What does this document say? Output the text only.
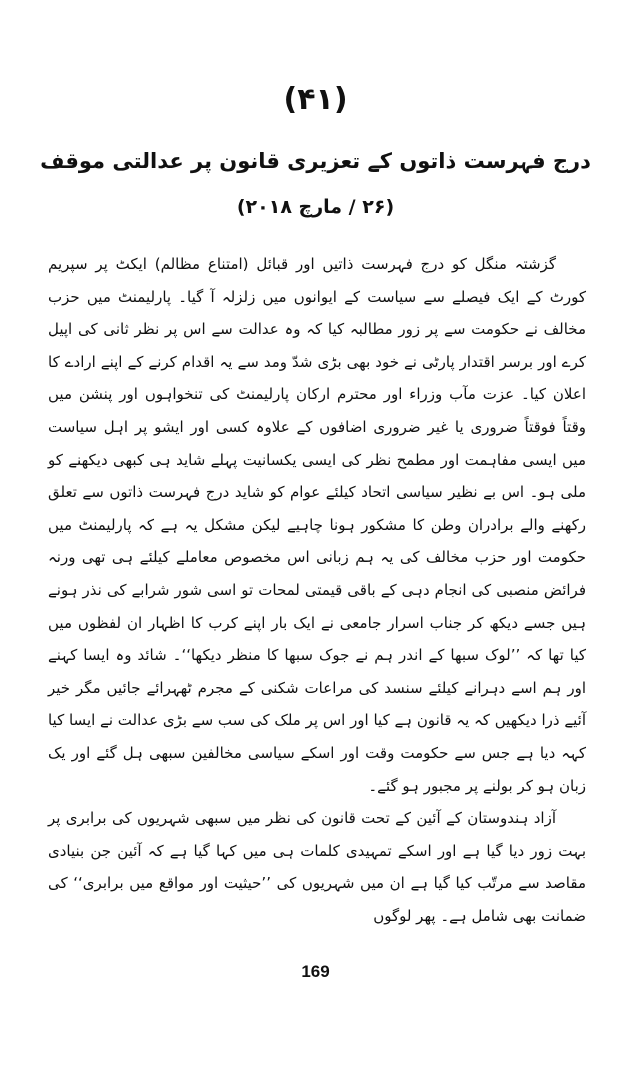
(۴۱)
درج فہرست ذاتوں کے تعزیری قانون پر عدالتی موقف
(۲۶ / مارچ ۲۰۱۸)

گزشتہ منگل کو درج فہرست ذاتیں اور قبائل (امتناع مظالم) ایکٹ پر سپریم کورٹ کے ایک فیصلے سے سیاست کے ایوانوں میں زلزلہ آ گیا۔ پارلیمنٹ میں حزب مخالف نے حکومت سے پر زور مطالبہ کیا کہ وہ عدالت سے اس پر نظر ثانی کی اپیل کرے اور برسر اقتدار پارٹی نے خود بھی بڑی شدّ ومد سے یہ اقدام کرنے کے اپنے ارادے کا اعلان کیا۔ عزت مآب وزراء اور محترم ارکان پارلیمنٹ کی تنخواہوں اور پنشن میں وقتاً فوقتاً ضروری یا غیر ضروری اضافوں کے علاوہ کسی اور ایشو پر اہل سیاست میں ایسی مفاہمت اور مطمح نظر کی ایسی یکسانیت پہلے شاید ہی کبھی دیکھنے کو ملی ہو۔ اس بے نظیر سیاسی اتحاد کیلئے عوام کو شاید درج فہرست ذاتوں سے تعلق رکھنے والے برادران وطن کا مشکور ہونا چاہیے لیکن مشکل یہ ہے کہ پارلیمنٹ میں حکومت اور حزب مخالف کی یہ ہم زبانی اس مخصوص معاملے کیلئے ہی تھی ورنہ فرائض منصبی کی انجام دہی کے باقی قیمتی لمحات تو اسی شور شرابے کی نذر ہونے ہیں جسے دیکھ کر جناب اسرار جامعی نے ایک بار اپنے کرب کا اظہار ان لفظوں میں کیا تھا کہ ’’لوک سبھا کے اندر ہم نے جوک سبھا کا منظر دیکھا‘‘۔ شائد وہ ایسا کہنے اور ہم اسے دہرانے کیلئے سنسد کی مراعات شکنی کے مجرم ٹھہرائے جائیں مگر خیر آئیے ذرا دیکھیں کہ یہ قانون ہے کیا اور اس پر ملک کی سب سے بڑی عدالت نے ایسا کیا کہہ دیا ہے جس سے حکومت وقت اور اسکے سیاسی مخالفین سبھی ہل گئے اور یک زبان ہو کر بولنے پر مجبور ہو گئے۔

آزاد ہندوستان کے آئین کے تحت قانون کی نظر میں سبھی شہریوں کی برابری پر بہت زور دیا گیا ہے اور اسکے تمہیدی کلمات ہی میں کہا گیا ہے کہ آئین جن بنیادی مقاصد سے مرتّب کیا گیا ہے ان میں شہریوں کی ’’حیثیت اور مواقع میں برابری‘‘ کی ضمانت بھی شامل ہے۔ پھر لوگوں

169
